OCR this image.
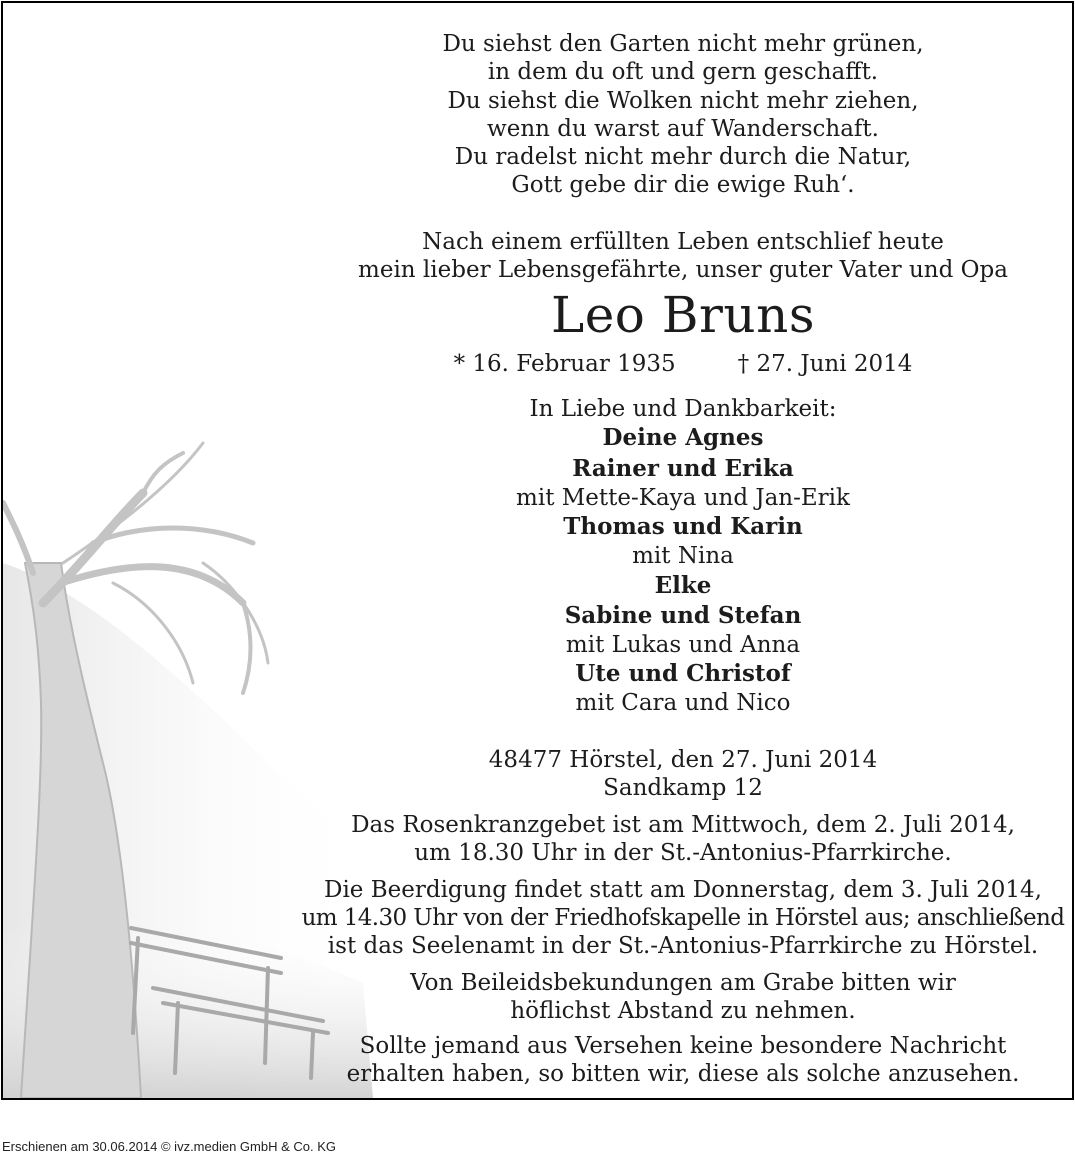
Du siehst den Garten nicht mehr grünen,
in dem du oft und gern geschafft.
Du siehst die Wolken nicht mehr ziehen,
wenn du warst auf Wanderschaft.
Du radelst nicht mehr durch die Natur,
Gott gebe dir die ewige Ruh‘.
Nach einem erfüllten Leben entschlief heute
mein lieber Lebensgefährte, unser guter Vater und Opa
Leo Bruns
* 16. Februar 1935	† 27. Juni 2014
In Liebe und Dankbarkeit:
Deine Agnes
Rainer und Erika
mit Mette-Kaya und Jan-Erik
Thomas und Karin
mit Nina
Elke
Sabine und Stefan
mit Lukas und Anna
Ute und Christof
mit Cara und Nico
48477 Hörstel, den 27. Juni 2014
Sandkamp 12
Das Rosenkranzgebet ist am Mittwoch, dem 2. Juli 2014,
um 18.30 Uhr in der St.-Antonius-Pfarrkirche.
Die Beerdigung findet statt am Donnerstag, dem 3. Juli 2014,
um 14.30 Uhr von der Friedhofskapelle in Hörstel aus; anschließend
ist das Seelenamt in der St.-Antonius-Pfarrkirche zu Hörstel.
Von Beileidsbekundungen am Grabe bitten wir
höflichst Abstand zu nehmen.
Sollte jemand aus Versehen keine besondere Nachricht
erhalten haben, so bitten wir, diese als solche anzusehen.
Erschienen am 30.06.2014 © ivz.medien GmbH & Co. KG
